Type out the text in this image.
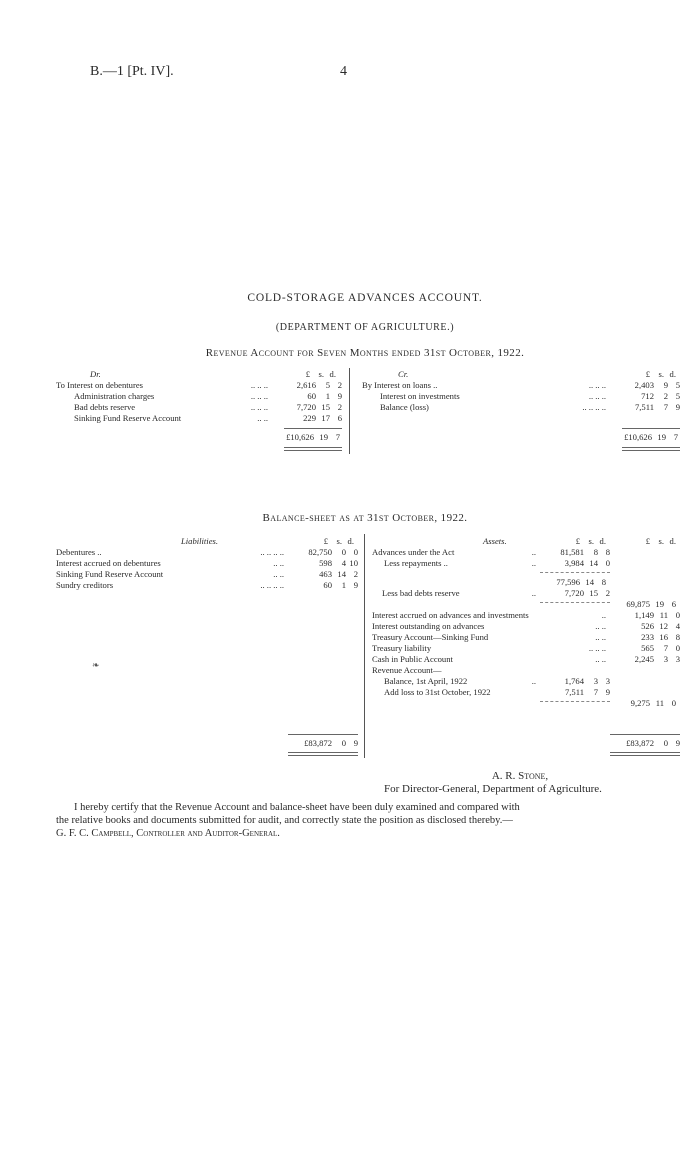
B.—1 [Pt. IV].	4
COLD-STORAGE ADVANCES ACCOUNT.
(DEPARTMENT OF AGRICULTURE.)
Revenue Account for Seven Months ended 31st October, 1922.
Dr.	£ s. d.
To Interest on debentures	.. .. ..	2,616	5 2
Administration charges	.. .. ..	60	1 9
Bad debts reserve	.. .. ..	7,720 15 2
Sinking Fund Reserve Account	.. ..	229 17 6
£10,626 19 7
Cr.	£ s. d.
By Interest on loans ..	.. .. ..	2,403	9 5
Interest on investments	.. .. ..	712	2 5
Balance (loss)	.. .. .. ..	7,511	7 9
£10,626 19 7
Balance-sheet as at 31st October, 1922.
Liabilities.	£ s. d.
Debentures ..	.. .. .. ..	82,750	0 0
Interest accrued on debentures	.. ..	598	4 10
Sinking Fund Reserve Account	.. ..	463 14 2
Sundry creditors	.. .. .. ..	60	1 9
❧
£83,872	0 9
Assets.	£ s. d.	£ s. d.
Advances under the Act	..	81,581	8 8
Less repayments ..	..	3,984 14 0
77,596 14 8
Less bad debts reserve	..	7,720 15 2
69,875 19 6
Interest accrued on advances and investments	..	1,149 11 0
Interest outstanding on advances	.. ..	526 12 4
Treasury Account—Sinking Fund	.. ..	233 16 8
Treasury liability	.. .. ..	565	7 0
Cash in Public Account	.. ..	2,245	3 3
Revenue Account—
Balance, 1st April, 1922	..	1,764	3 3
Add loss to 31st October, 1922	7,511	7 9
9,275 11 0
£83,872	0 9
A. R. Stone,
For Director-General, Department of Agriculture.
I hereby certify that the Revenue Account and balance-sheet have been duly examined and compared with
the relative books and documents submitted for audit, and correctly state the position as disclosed thereby.—
G. F. C. Campbell, Controller and Auditor-General.
